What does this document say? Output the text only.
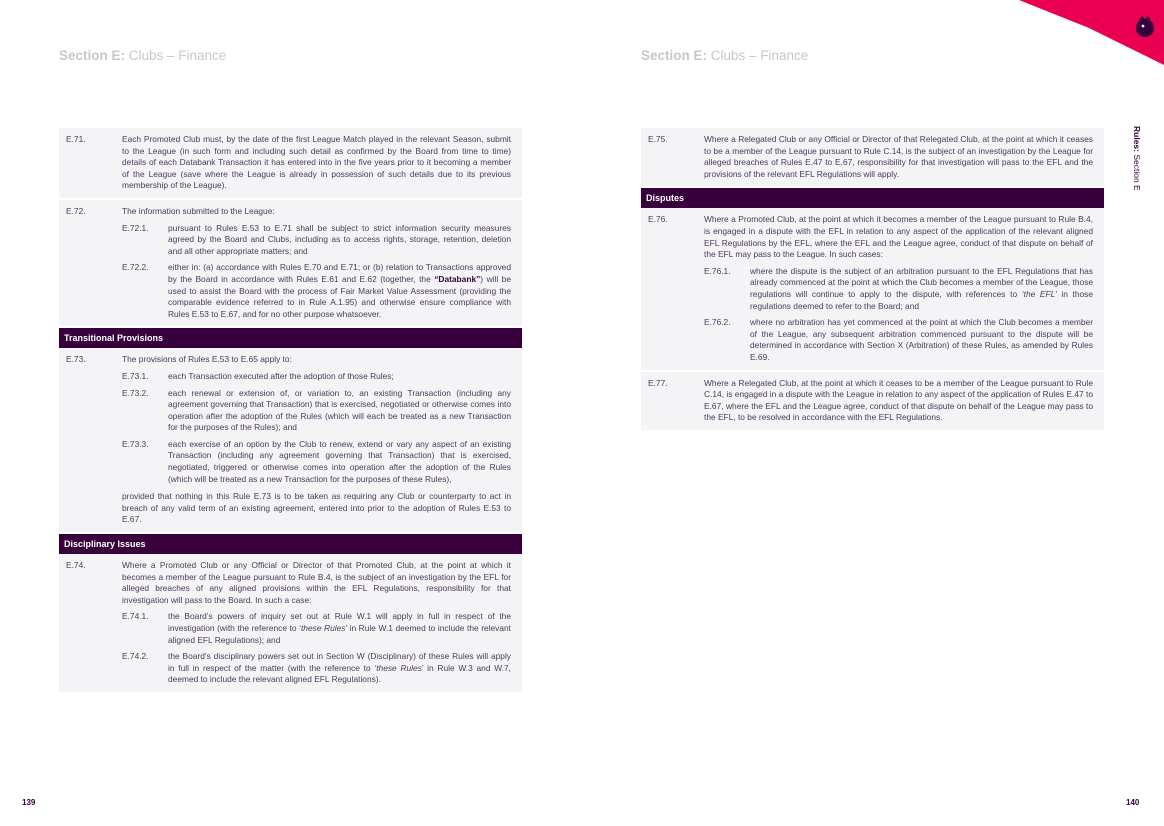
Section E: Clubs – Finance	Section E: Clubs – Finance
Rules: Section E
E.71.	Each Promoted Club must, by the date of the first League Match played in the relevant Season, submit to the League (in such form and including such detail as confirmed by the Board from time to time) details of each Databank Transaction it has entered into in the five years prior to it becoming a member of the League (save where the League is already in possession of such details due to its previous membership of the League).
E.72.	The information submitted to the League:
E.72.1. pursuant to Rules E.53 to E.71 shall be subject to strict information security measures agreed by the Board and Clubs, including as to access rights, storage, retention, deletion and all other appropriate matters; and
E.72.2. either in: (a) accordance with Rules E.70 and E.71; or (b) relation to Transactions approved by the Board in accordance with Rules E.61 and E.62 (together, the “Databank”) will be used to assist the Board with the process of Fair Market Value Assessment (providing the comparable evidence referred to in Rule A.1.95) and otherwise ensure compliance with Rules E.53 to E.67, and for no other purpose whatsoever.
Transitional Provisions
E.73.	The provisions of Rules E.53 to E.65 apply to:
E.73.1. each Transaction executed after the adoption of those Rules;
E.73.2. each renewal or extension of, or variation to, an existing Transaction (including any agreement governing that Transaction) that is exercised, negotiated or otherwise comes into operation after the adoption of the Rules (which will each be treated as a new Transaction for the purposes of the Rules); and
E.73.3. each exercise of an option by the Club to renew, extend or vary any aspect of an existing Transaction (including any agreement governing that Transaction) that is exercised, negotiated, triggered or otherwise comes into operation after the adoption of the Rules (which will be treated as a new Transaction for the purposes of these Rules),
provided that nothing in this Rule E.73 is to be taken as requiring any Club or counterparty to act in breach of any valid term of an existing agreement, entered into prior to the adoption of Rules E.53 to E.67.
Disciplinary Issues
E.74.	Where a Promoted Club or any Official or Director of that Promoted Club, at the point at which it becomes a member of the League pursuant to Rule B.4, is the subject of an investigation by the EFL for alleged breaches of any aligned provisions within the EFL Regulations, responsibility for that investigation will pass to the Board. In such a case:
E.74.1. the Board’s powers of inquiry set out at Rule W.1 will apply in full in respect of the investigation (with the reference to ‘these Rules’ in Rule W.1 deemed to include the relevant aligned EFL Regulations); and
E.74.2. the Board’s disciplinary powers set out in Section W (Disciplinary) of these Rules will apply in full in respect of the matter (with the reference to ‘these Rules’ in Rule W.3 and W.7, deemed to include the relevant aligned EFL Regulations).
E.75.	Where a Relegated Club or any Official or Director of that Relegated Club, at the point at which it ceases to be a member of the League pursuant to Rule C.14, is the subject of an investigation by the League for alleged breaches of Rules E.47 to E.67, responsibility for that investigation will pass to the EFL and the provisions of the relevant EFL Regulations will apply.
Disputes
E.76.	Where a Promoted Club, at the point at which it becomes a member of the League pursuant to Rule B.4, is engaged in a dispute with the EFL in relation to any aspect of the application of the relevant aligned EFL Regulations by the EFL, where the EFL and the League agree, conduct of that dispute on behalf of the EFL may pass to the League. In such cases:
E.76.1. where the dispute is the subject of an arbitration pursuant to the EFL Regulations that has already commenced at the point at which the Club becomes a member of the League, those regulations will continue to apply to the dispute, with references to ‘the EFL’ in those regulations deemed to refer to the Board; and
E.76.2. where no arbitration has yet commenced at the point at which the Club becomes a member of the League, any subsequent arbitration commenced pursuant to the dispute will be determined in accordance with Section X (Arbitration) of these Rules, as amended by Rules E.69.
E.77.	Where a Relegated Club, at the point at which it ceases to be a member of the League pursuant to Rule C.14, is engaged in a dispute with the League in relation to any aspect of the application of Rules E.47 to E.67, where the EFL and the League agree, conduct of that dispute on behalf of the League may pass to the EFL, to be resolved in accordance with the EFL Regulations.
139	140
